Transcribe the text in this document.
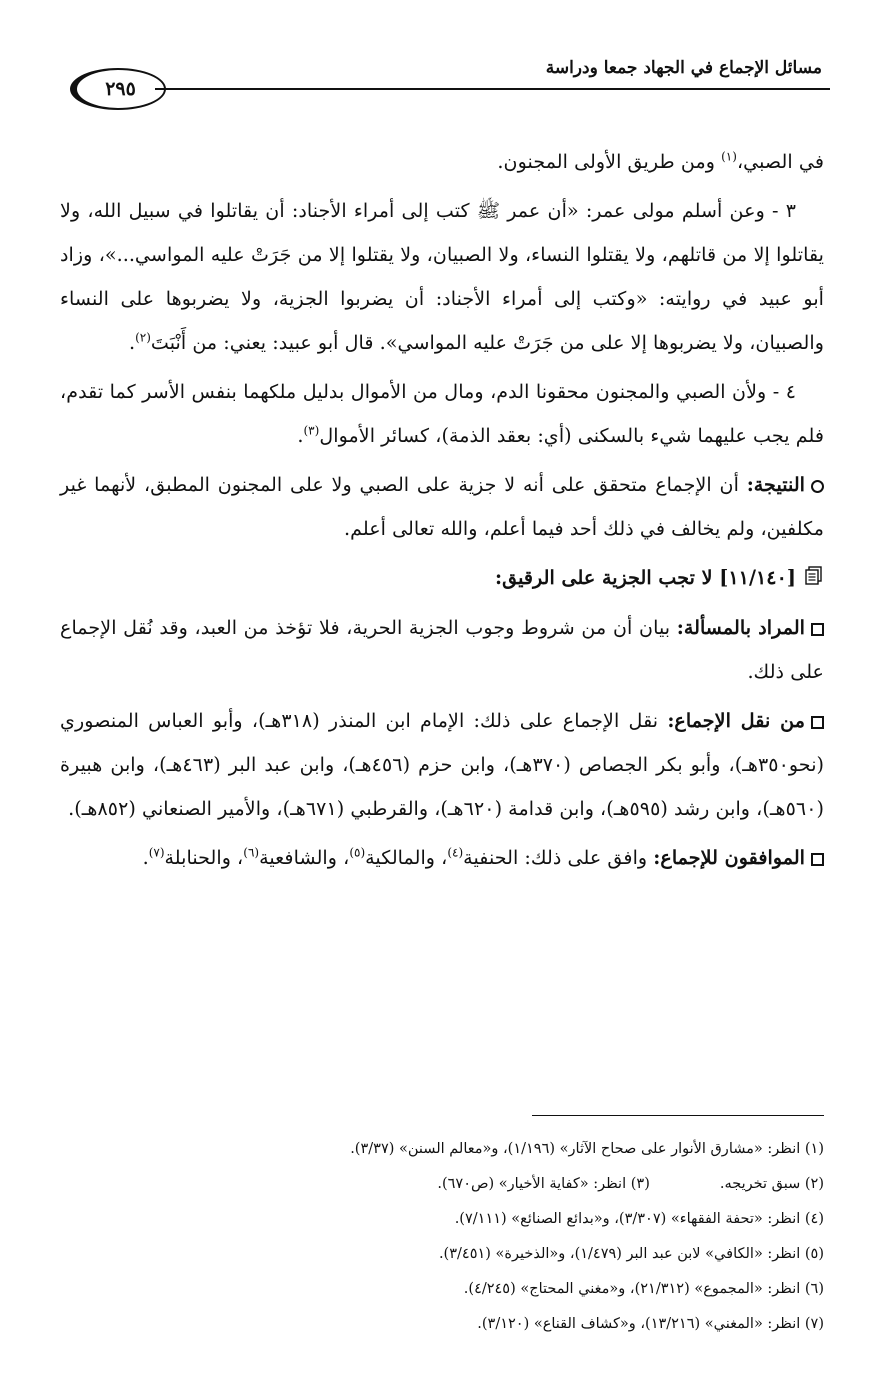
٢٩٥
مسائل الإجماع في الجهاد جمعا ودراسة

في الصبي،$^{(١)}$ ومن طريق الأولى المجنون.

٣ - وعن أسلم مولى عمر: «أن عمر ﷺ كتب إلى أمراء الأجناد: أن يقاتلوا في سبيل الله، ولا يقاتلوا إلا من قاتلهم، ولا يقتلوا النساء، ولا الصبيان، ولا يقتلوا إلا من جَرَتْ عليه المواسي...»، وزاد أبو عبيد في روايته: «وكتب إلى أمراء الأجناد: أن يضربوا الجزية، ولا يضربوها على النساء والصبيان، ولا يضربوها إلا على من جَرَتْ عليه المواسي». قال أبو عبيد: يعني: من أَنْبَتَ$^{(٢)}$.

٤ - ولأن الصبي والمجنون محقونا الدم، ومال من الأموال بدليل ملكهما بنفس الأسر كما تقدم، فلم يجب عليهما شيء بالسكنى (أي: بعقد الذمة)، كسائر الأموال$^{(٣)}$.

النتيجة: أن الإجماع متحقق على أنه لا جزية على الصبي ولا على المجنون المطبق، لأنهما غير مكلفين، ولم يخالف في ذلك أحد فيما أعلم، والله تعالى أعلم.

[١١/١٤٠] لا تجب الجزية على الرقيق:

المراد بالمسألة: بيان أن من شروط وجوب الجزية الحرية، فلا تؤخذ من العبد، وقد نُقل الإجماع على ذلك.

من نقل الإجماع: نقل الإجماع على ذلك: الإمام ابن المنذر (٣١٨هـ)، وأبو العباس المنصوري (نحو٣٥٠هـ)، وأبو بكر الجصاص (٣٧٠هـ)، وابن حزم (٤٥٦هـ)، وابن عبد البر (٤٦٣هـ)، وابن هبيرة (٥٦٠هـ)، وابن رشد (٥٩٥هـ)، وابن قدامة (٦٢٠هـ)، والقرطبي (٦٧١هـ)، والأمير الصنعاني (٨٥٢هـ).

الموافقون للإجماع: وافق على ذلك: الحنفية$^{(٤)}$، والمالكية$^{(٥)}$، والشافعية$^{(٦)}$، والحنابلة$^{(٧)}$.

(١) انظر: «مشارق الأنوار على صحاح الآثار» (١/١٩٦)، و«معالم السنن» (٣/٣٧).

(٢) سبق تخريجه.

(٣) انظر: «كفاية الأخيار» (ص٦٧٠).

(٤) انظر: «تحفة الفقهاء» (٣/٣٠٧)، و«بدائع الصنائع» (٧/١١١).

(٥) انظر: «الكافي» لابن عبد البر (١/٤٧٩)، و«الذخيرة» (٣/٤٥١).

(٦) انظر: «المجموع» (٢١/٣١٢)، و«مغني المحتاج» (٤/٢٤٥).

(٧) انظر: «المغني» (١٣/٢١٦)، و«كشاف القناع» (٣/١٢٠).
